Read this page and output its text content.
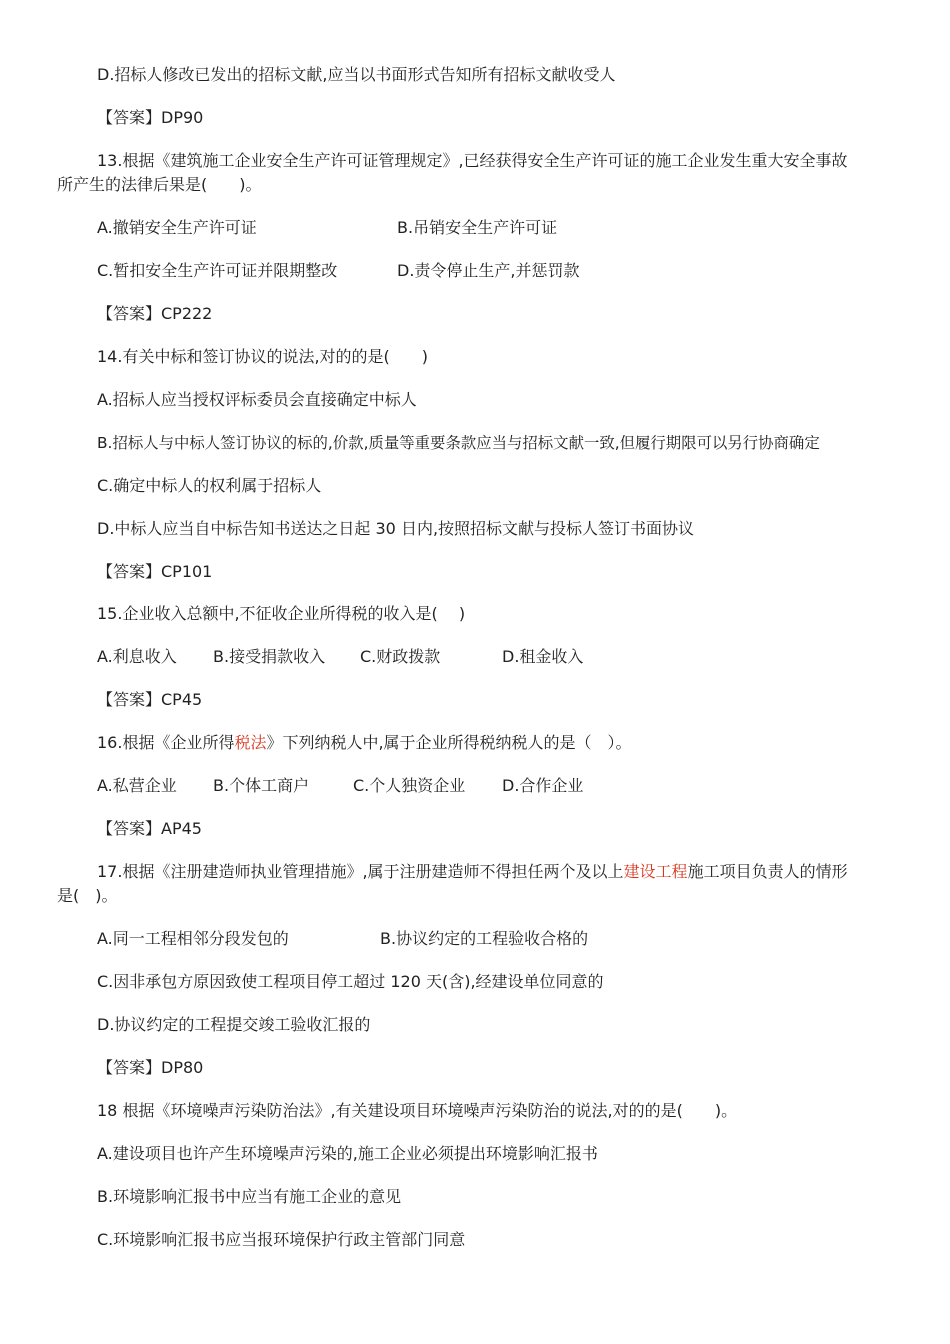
D.招标人修改已发出的招标文献,应当以书面形式告知所有招标文献收受人
【答案】DP90
13.根据《建筑施工企业安全生产许可证管理规定》,已经获得安全生产许可证的施工企业发生重大安全事故
所产生的法律后果是(　　)。
A.撤销安全生产许可证	B.吊销安全生产许可证
C.暂扣安全生产许可证并限期整改	D.责令停止生产,并惩罚款
【答案】CP222
14.有关中标和签订协议的说法,对的的是(　　)
A.招标人应当授权评标委员会直接确定中标人
B.招标人与中标人签订协议的标的,价款,质量等重要条款应当与招标文献一致,但履行期限可以另行协商确定
C.确定中标人的权利属于招标人
D.中标人应当自中标告知书送达之日起 30 日内,按照招标文献与投标人签订书面协议
【答案】CP101
15.企业收入总额中,不征收企业所得税的收入是(　 )
A.利息收入 B.接受捐款收入 C.财政拨款	D.租金收入
【答案】CP45
16.根据《企业所得税法》下列纳税人中,属于企业所得税纳税人的是（　）。
A.私营企业 B.个体工商户	C.个人独资企业 D.合作企业
【答案】AP45
17.根据《注册建造师执业管理措施》,属于注册建造师不得担任两个及以上建设工程施工项目负责人的情形
是(　)。
A.同一工程相邻分段发包的	B.协议约定的工程验收合格的
C.因非承包方原因致使工程项目停工超过 120 天(含),经建设单位同意的
D.协议约定的工程提交竣工验收汇报的
【答案】DP80
18 根据《环境噪声污染防治法》,有关建设项目环境噪声污染防治的说法,对的的是(　　)。
A.建设项目也许产生环境噪声污染的,施工企业必须提出环境影响汇报书
B.环境影响汇报书中应当有施工企业的意见
C.环境影响汇报书应当报环境保护行政主管部门同意
